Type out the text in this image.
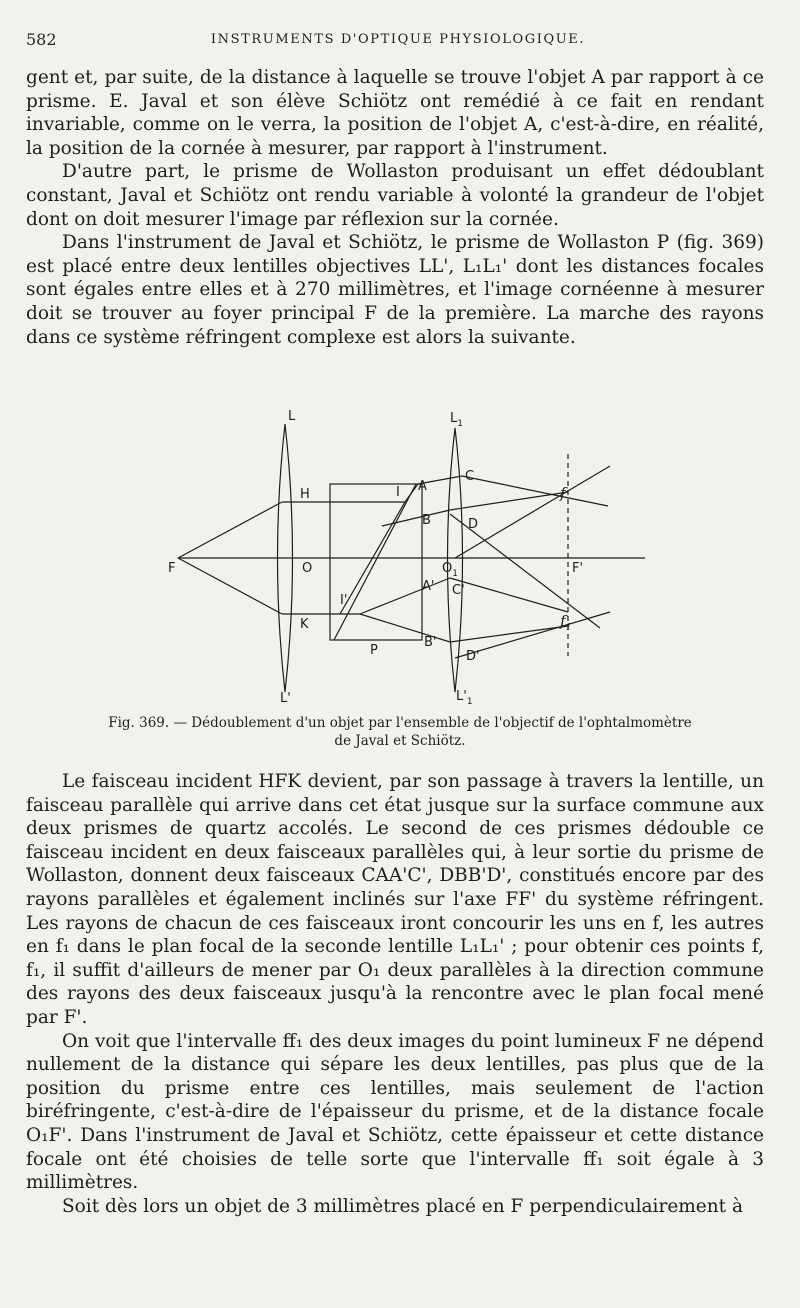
582	INSTRUMENTS D'OPTIQUE PHYSIOLOGIQUE.

gent et, par suite, de la distance à laquelle se trouve l'objet A par rapport à ce prisme. E. Javal et son élève Schiötz ont remédié à ce fait en rendant invariable, comme on le verra, la position de l'objet A, c'est-à-dire, en réalité, la position de la cornée à mesurer, par rapport à l'instrument.

D'autre part, le prisme de Wollaston produisant un effet dédoublant constant, Javal et Schiötz ont rendu variable à volonté la grandeur de l'objet dont on doit mesurer l'image par réflexion sur la cornée.

Dans l'instrument de Javal et Schiötz, le prisme de Wollaston P (fig. 369) est placé entre deux lentilles objectives LL', L₁L₁' dont les distances focales sont égales entre elles et à 270 millimètres, et l'image cornéenne à mesurer doit se trouver au foyer principal F de la première. La marche des rayons dans ce système réfringent complexe est alors la suivante.

L
L'
$L_1$
$L'_1$
H
O
K
F
I
I'
P
A
B
A'
B'
C
D
C'
D'
$O_1$	F'
f
$f_1$
Fig. 369. — Dédoublement d'un objet par l'ensemble de l'objectif de l'ophtalmomètre
de Javal et Schiötz.

Le faisceau incident HFK devient, par son passage à travers la lentille, un faisceau parallèle qui arrive dans cet état jusque sur la surface commune aux deux prismes de quartz accolés. Le second de ces prismes dédouble ce faisceau incident en deux faisceaux parallèles qui, à leur sortie du prisme de Wollaston, donnent deux faisceaux CAA'C', DBB'D', constitués encore par des rayons parallèles et également inclinés sur l'axe FF' du système réfringent. Les rayons de chacun de ces faisceaux iront concourir les uns en f, les autres en f₁ dans le plan focal de la seconde lentille L₁L₁' ; pour obtenir ces points f, f₁, il suffit d'ailleurs de mener par O₁ deux parallèles à la direction commune des rayons des deux faisceaux jusqu'à la rencontre avec le plan focal mené par F'.

On voit que l'intervalle ff₁ des deux images du point lumineux F ne dépend nullement de la distance qui sépare les deux lentilles, pas plus que de la position du prisme entre ces lentilles, mais seulement de l'action biréfringente, c'est-à-dire de l'épaisseur du prisme, et de la distance focale O₁F'. Dans l'instrument de Javal et Schiötz, cette épaisseur et cette distance focale ont été choisies de telle sorte que l'intervalle ff₁ soit égale à 3 millimètres.

Soit dès lors un objet de 3 millimètres placé en F perpendiculairement à
